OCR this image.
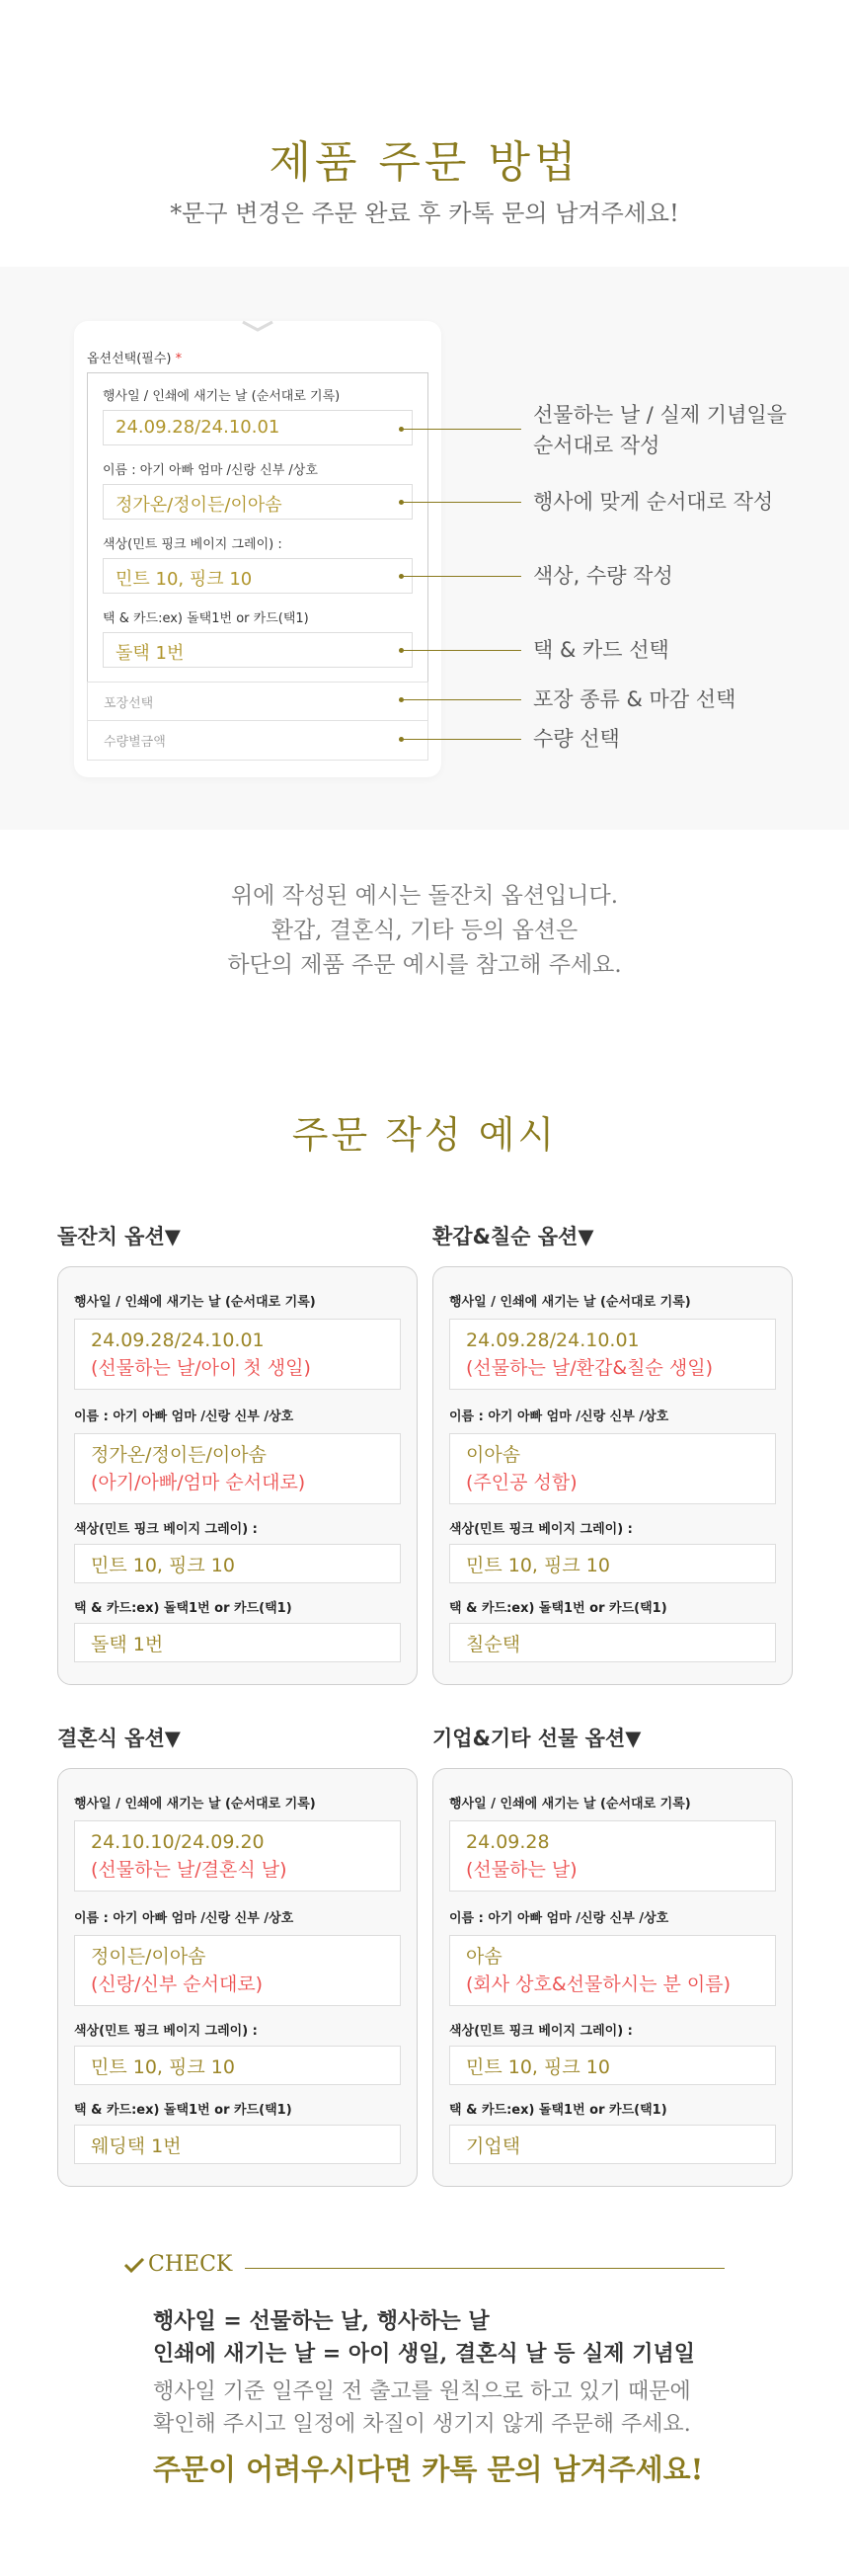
제품 주문 방법
*문구 변경은 주문 완료 후 카톡 문의 남겨주세요!
옵션선택(필수) *
행사일 / 인쇄에 새기는 날 (순서대로 기록)
24.09.28/24.10.01
이름 : 아기 아빠 엄마 /신랑 신부 /상호
정가온/정이든/이아솜
색상(민트 핑크 베이지 그레이) :
민트 10, 핑크 10
택 & 카드:ex) 돌택1번 or 카드(택1)
돌택 1번
포장선택
수량별금액
선물하는 날 / 실제 기념일을
순서대로 작성
행사에 맞게 순서대로 작성
색상, 수량 작성
택 & 카드 선택
포장 종류 & 마감 선택
수량 선택
위에 작성된 예시는 돌잔치 옵션입니다.
환갑, 결혼식, 기타 등의 옵션은
하단의 제품 주문 예시를 참고해 주세요.
주문 작성 예시
돌잔치 옵션▼
행사일 / 인쇄에 새기는 날 (순서대로 기록)
24.09.28/24.10.01
(선물하는 날/아이 첫 생일)
이름 : 아기 아빠 엄마 /신랑 신부 /상호
정가온/정이든/이아솜
(아기/아빠/엄마 순서대로)
색상(민트 핑크 베이지 그레이) :
민트 10, 핑크 10
택 & 카드:ex) 돌택1번 or 카드(택1)
돌택 1번
환갑&칠순 옵션▼
행사일 / 인쇄에 새기는 날 (순서대로 기록)
24.09.28/24.10.01
(선물하는 날/환갑&칠순 생일)
이름 : 아기 아빠 엄마 /신랑 신부 /상호
이아솜
(주인공 성함)
색상(민트 핑크 베이지 그레이) :
민트 10, 핑크 10
택 & 카드:ex) 돌택1번 or 카드(택1)
칠순택
결혼식 옵션▼
행사일 / 인쇄에 새기는 날 (순서대로 기록)
24.10.10/24.09.20
(선물하는 날/결혼식 날)
이름 : 아기 아빠 엄마 /신랑 신부 /상호
정이든/이아솜
(신랑/신부 순서대로)
색상(민트 핑크 베이지 그레이) :
민트 10, 핑크 10
택 & 카드:ex) 돌택1번 or 카드(택1)
웨딩택 1번
기업&기타 선물 옵션▼
행사일 / 인쇄에 새기는 날 (순서대로 기록)
24.09.28
(선물하는 날)
이름 : 아기 아빠 엄마 /신랑 신부 /상호
아솜
(회사 상호&선물하시는 분 이름)
색상(민트 핑크 베이지 그레이) :
민트 10, 핑크 10
택 & 카드:ex) 돌택1번 or 카드(택1)
기업택
CHECK
행사일 = 선물하는 날, 행사하는 날
인쇄에 새기는 날 = 아이 생일, 결혼식 날 등 실제 기념일
행사일 기준 일주일 전 출고를 원칙으로 하고 있기 때문에
확인해 주시고 일정에 차질이 생기지 않게 주문해 주세요.
주문이 어려우시다면 카톡 문의 남겨주세요!
